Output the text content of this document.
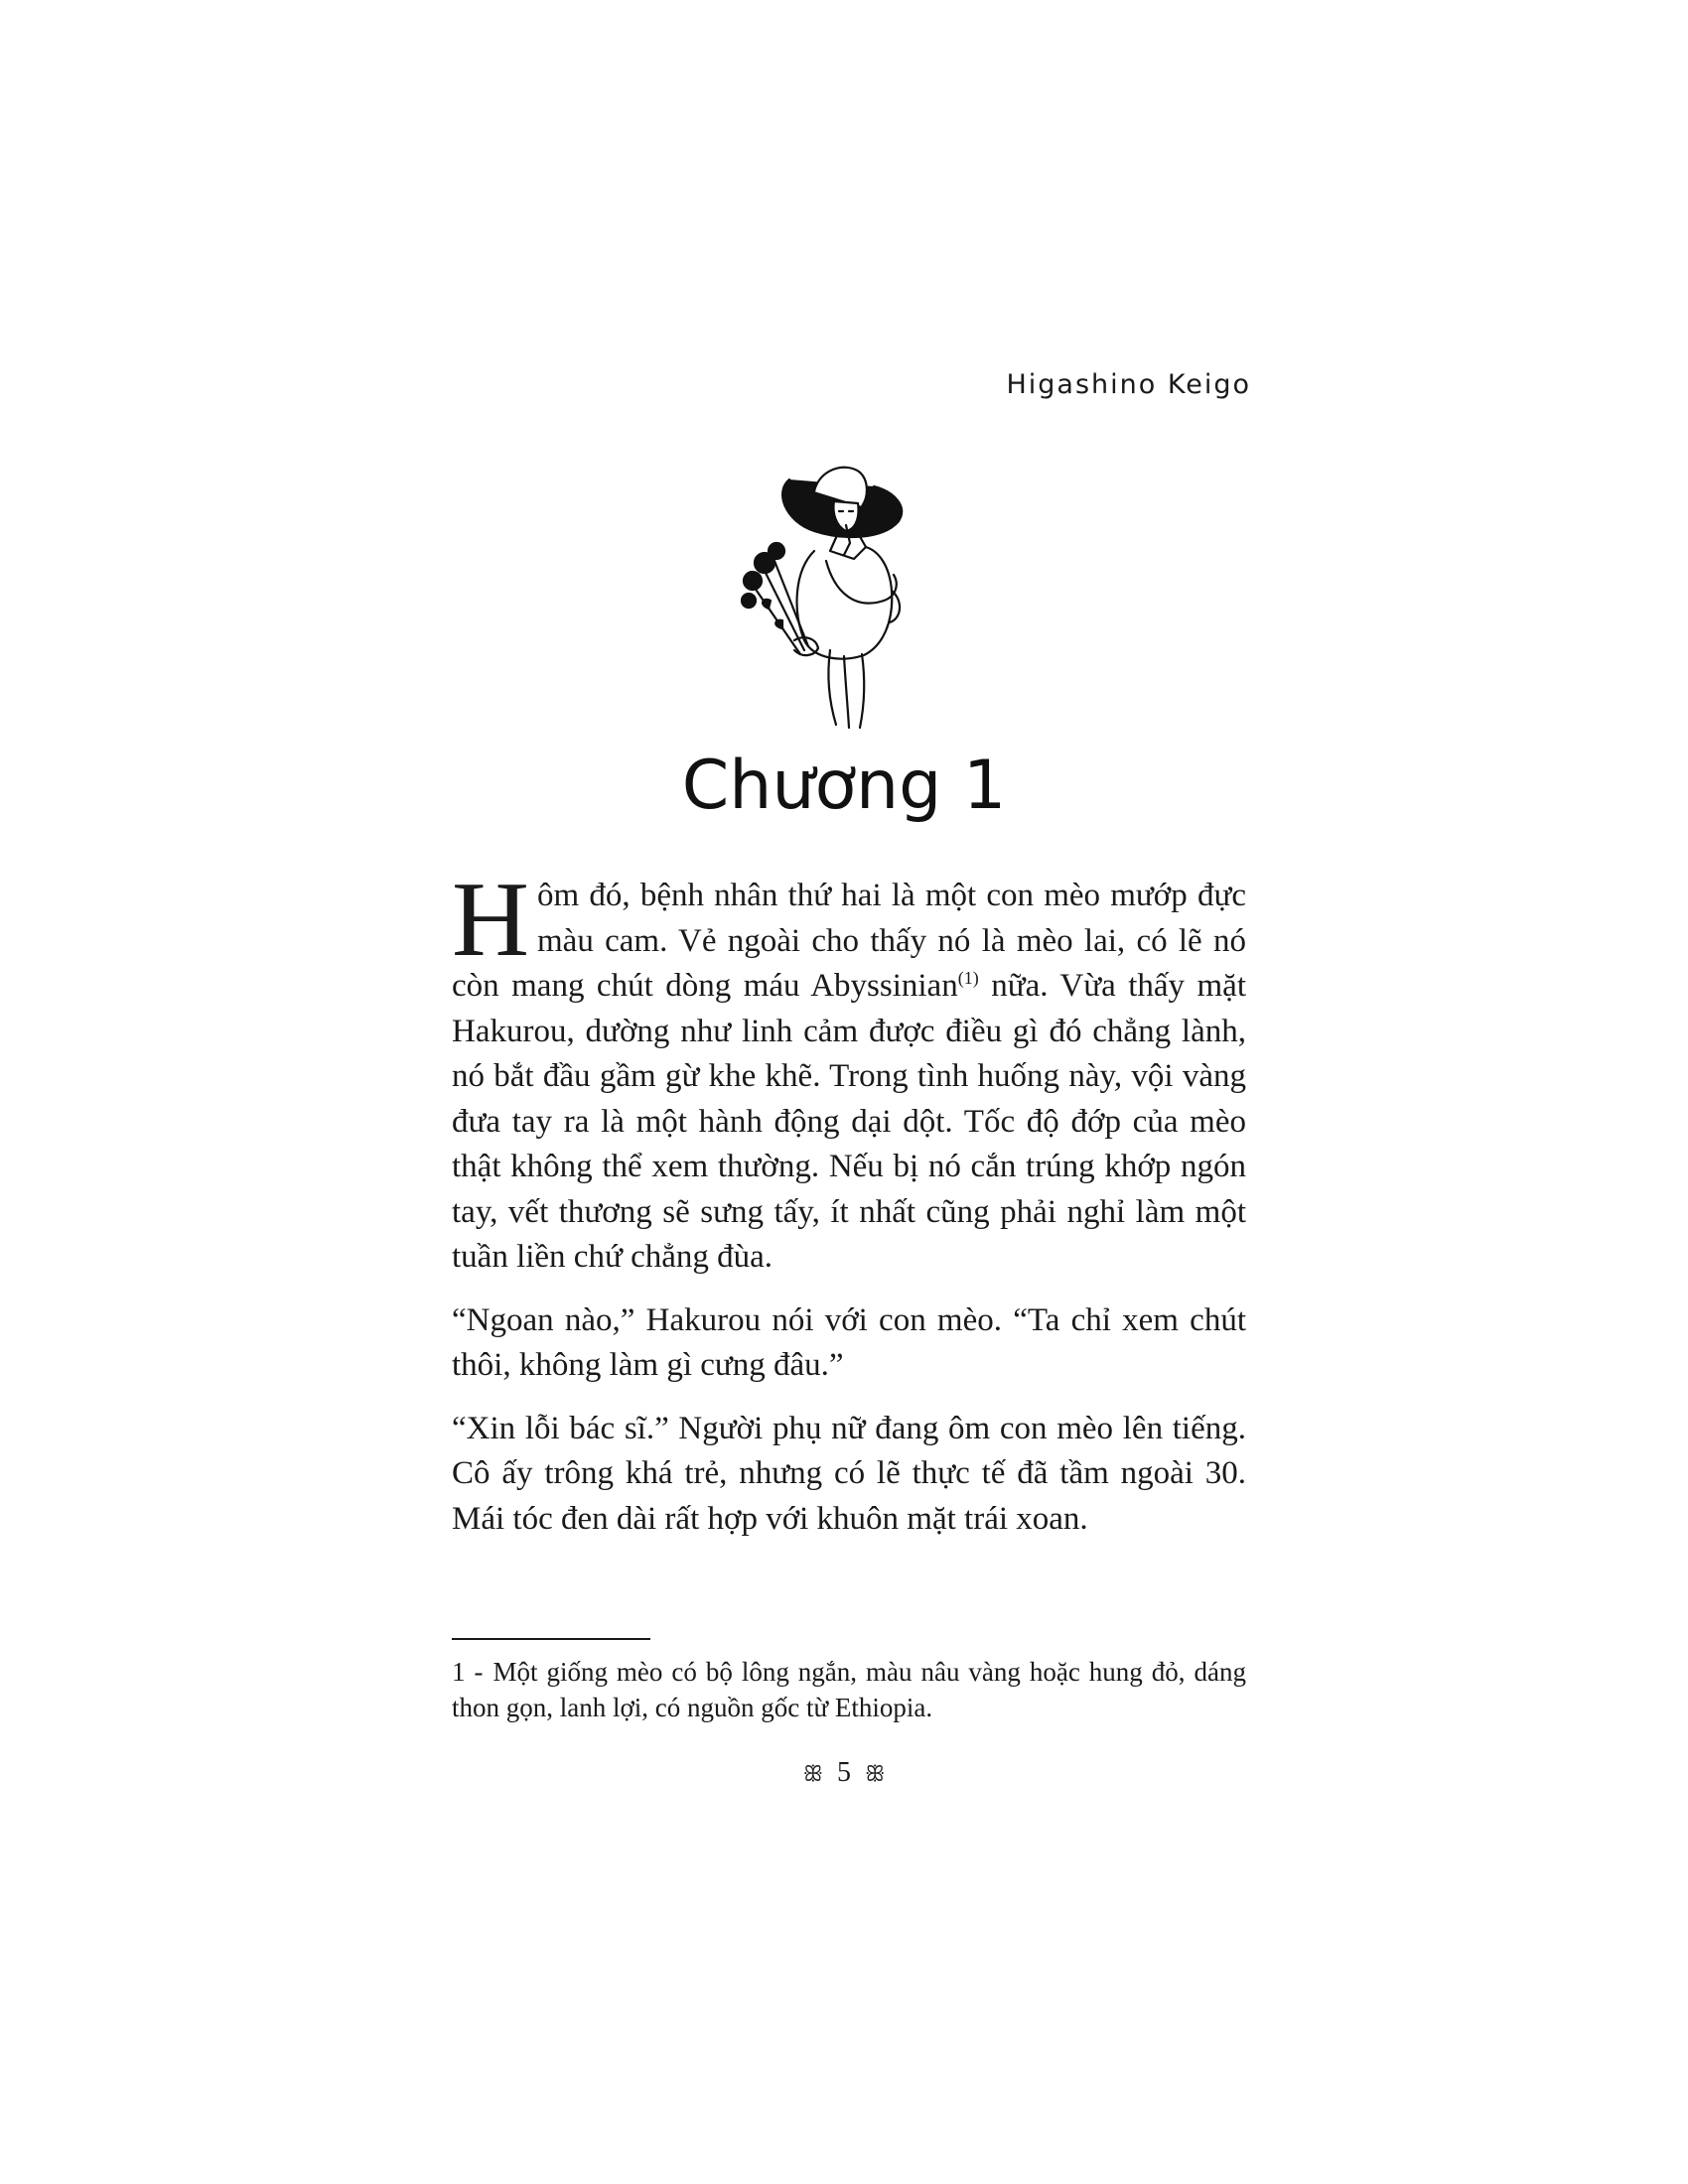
Higashino Keigo
Chương 1

Hôm đó, bệnh nhân thứ hai là một con mèo mướp đực màu cam. Vẻ ngoài cho thấy nó là mèo lai, có lẽ nó còn mang chút dòng máu Abyssinian$^{(1)}$ nữa. Vừa thấy mặt Hakurou, dường như linh cảm được điều gì đó chẳng lành, nó bắt đầu gầm gừ khe khẽ. Trong tình huống này, vội vàng đưa tay ra là một hành động dại dột. Tốc độ đớp của mèo thật không thể xem thường. Nếu bị nó cắn trúng khớp ngón tay, vết thương sẽ sưng tấy, ít nhất cũng phải nghỉ làm một tuần liền chứ chẳng đùa.

“Ngoan nào,” Hakurou nói với con mèo. “Ta chỉ xem chút thôi, không làm gì cưng đâu.”

“Xin lỗi bác sĩ.” Người phụ nữ đang ôm con mèo lên tiếng. Cô ấy trông khá trẻ, nhưng có lẽ thực tế đã tầm ngoài 30. Mái tóc đen dài rất hợp với khuôn mặt trái xoan.

1 - Một giống mèo có bộ lông ngắn, màu nâu vàng hoặc hung đỏ, dáng thon gọn, lanh lợi, có nguồn gốc từ Ethiopia.
ꕥ 5 ꕥ
